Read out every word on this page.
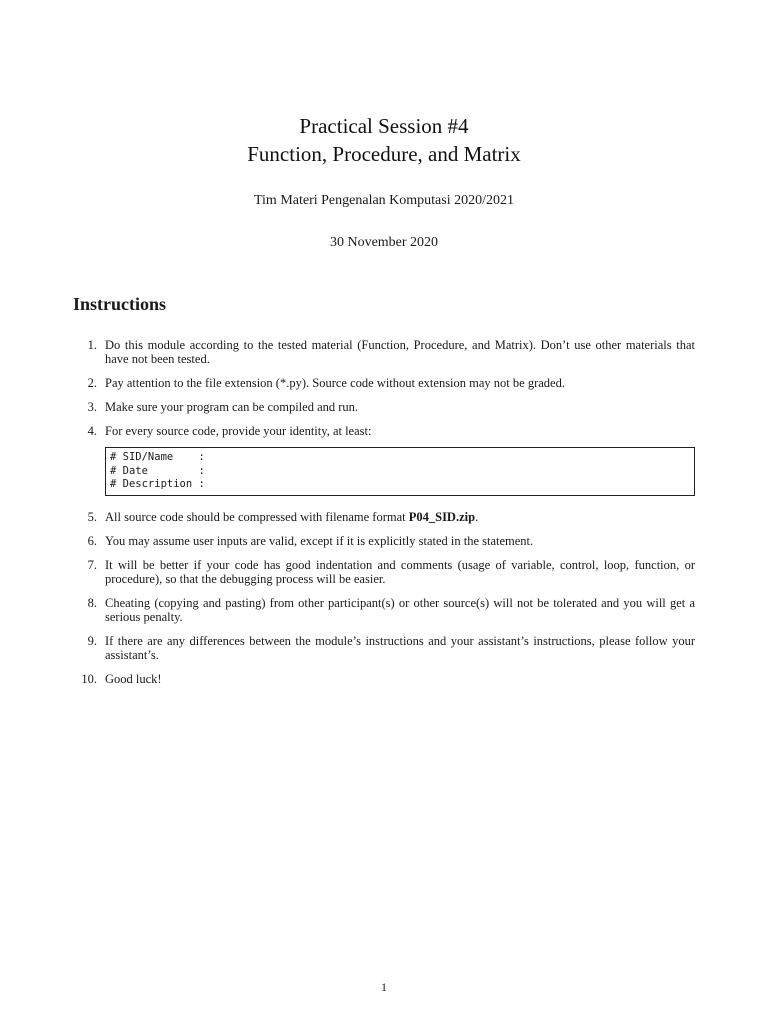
Practical Session #4
Function, Procedure, and Matrix
Tim Materi Pengenalan Komputasi 2020/2021
30 November 2020
Instructions
1. Do this module according to the tested material (Function, Procedure, and Matrix). Don’t use other materials that have not been tested.
2. Pay attention to the file extension (*.py). Source code without extension may not be graded.
3. Make sure your program can be compiled and run.
4. For every source code, provide your identity, at least:
# SID/Name    :
# Date        :
# Description :
5. All source code should be compressed with filename format P04_SID.zip.
6. You may assume user inputs are valid, except if it is explicitly stated in the statement.
7. It will be better if your code has good indentation and comments (usage of variable, control, loop, function, or procedure), so that the debugging process will be easier.
8. Cheating (copying and pasting) from other participant(s) or other source(s) will not be tolerated and you will get a serious penalty.
9. If there are any differences between the module’s instructions and your assistant’s instructions, please follow your assistant’s.
10. Good luck!
1
